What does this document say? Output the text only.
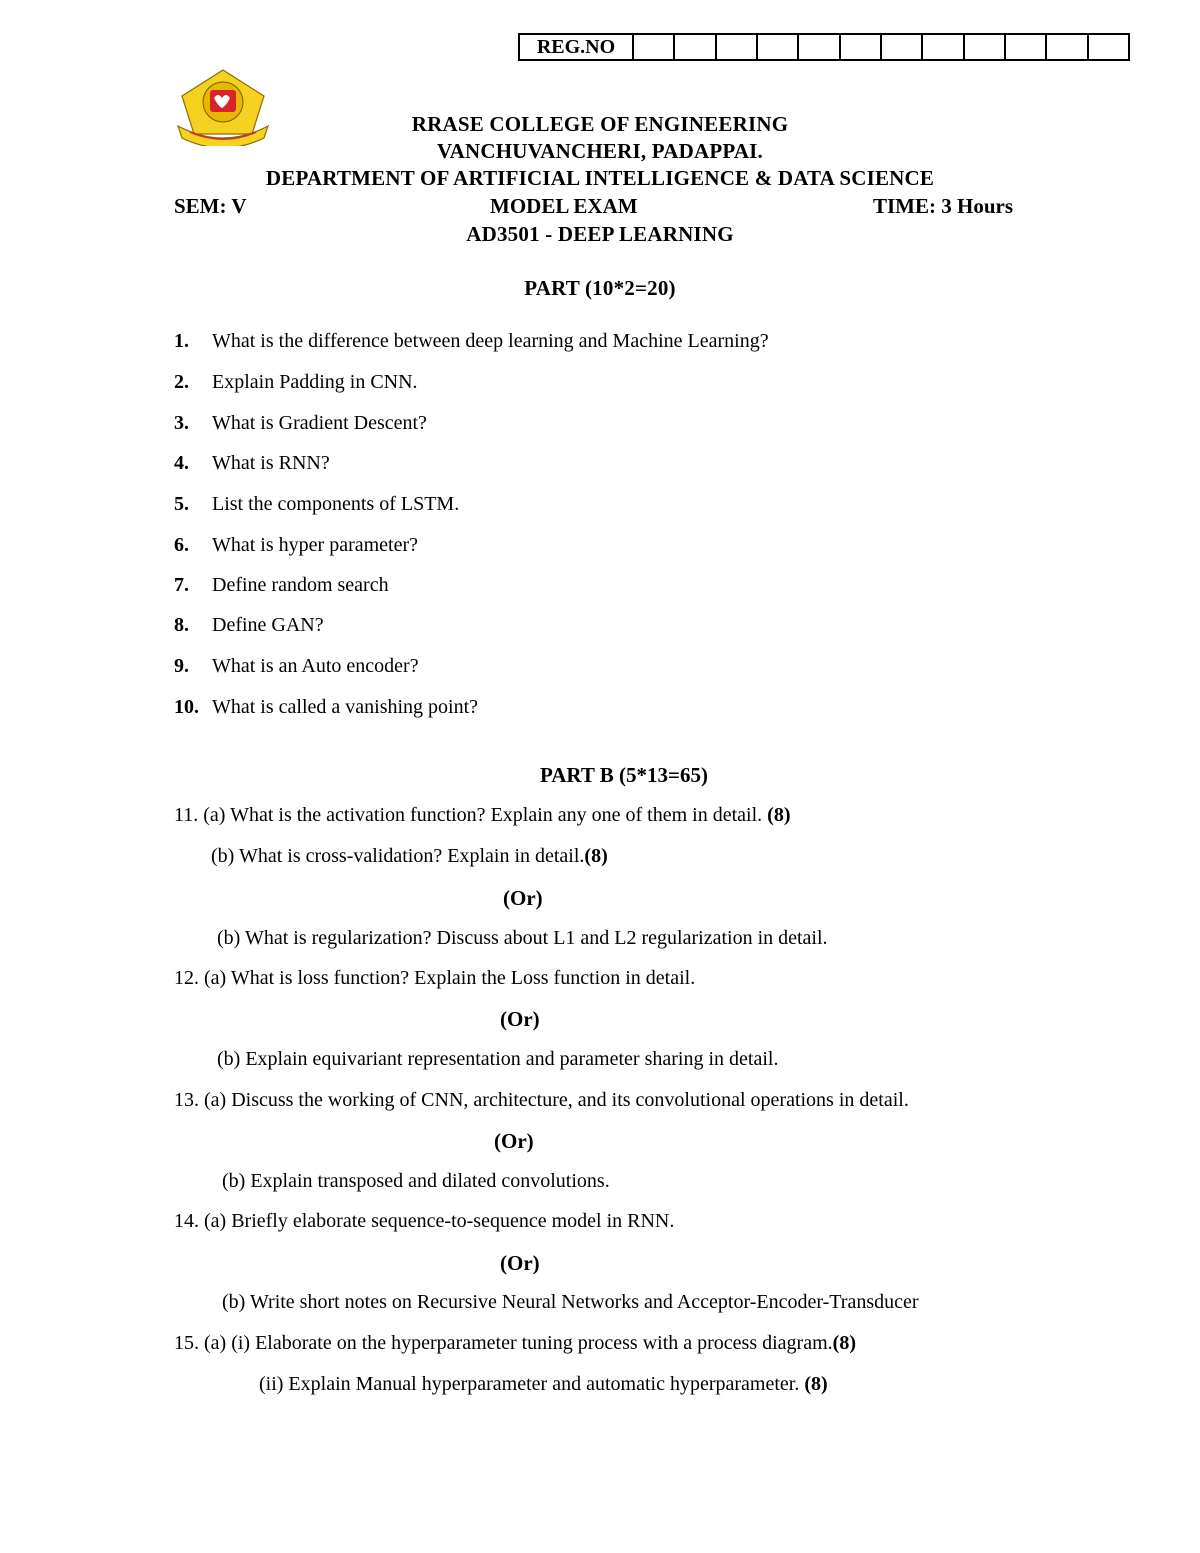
REG.NO
RRASE COLLEGE OF ENGINEERING
VANCHUVANCHERI, PADAPPAI.
DEPARTMENT OF ARTIFICIAL INTELLIGENCE & DATA SCIENCE
SEM: V	MODEL EXAM	TIME: 3 Hours
AD3501 - DEEP LEARNING
PART (10*2=20)
1. What is the difference between deep learning and Machine Learning?
2. Explain Padding in CNN.
3. What is Gradient Descent?
4. What is RNN?
5. List the components of LSTM.
6. What is hyper parameter?
7. Define random search
8. Define GAN?
9. What is an Auto encoder?
10. What is called a vanishing point?
PART B (5*13=65)
11. (a) What is the activation function? Explain any one of them in detail. (8)
(b) What is cross-validation? Explain in detail.(8)
(Or)
(b) What is regularization? Discuss about L1 and L2 regularization in detail.
12. (a) What is loss function? Explain the Loss function in detail.
(Or)
(b) Explain equivariant representation and parameter sharing in detail.
13. (a) Discuss the working of CNN, architecture, and its convolutional operations in detail.
(Or)
(b) Explain transposed and dilated convolutions.
14. (a) Briefly elaborate sequence-to-sequence model in RNN.
(Or)
(b) Write short notes on Recursive Neural Networks and Acceptor-Encoder-Transducer
15. (a) (i) Elaborate on the hyperparameter tuning process with a process diagram.(8)
(ii) Explain Manual hyperparameter and automatic hyperparameter. (8)
